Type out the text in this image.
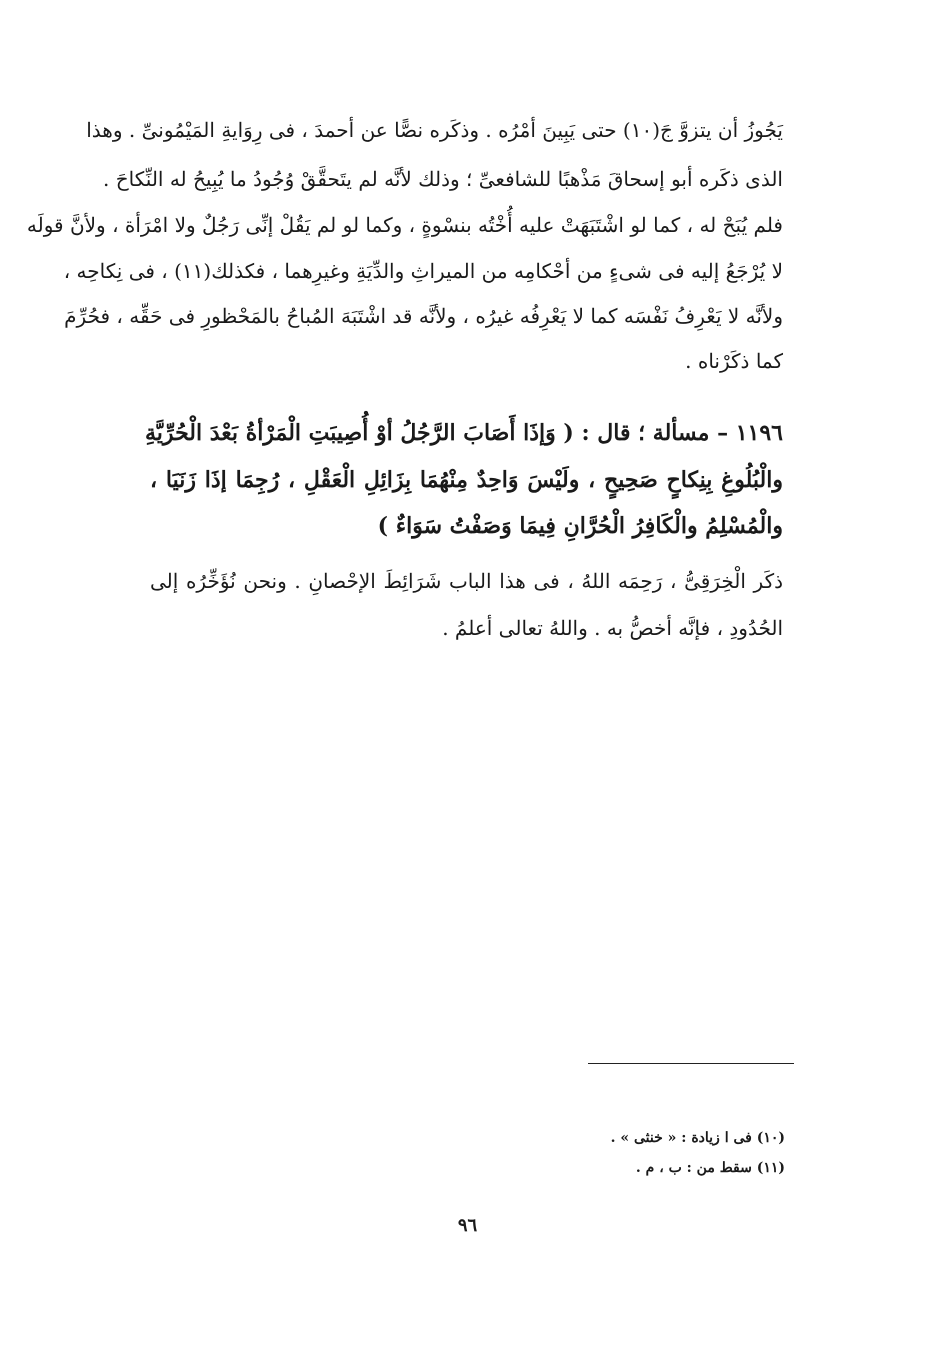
يَجُوزُ أن يتزوَّ جَ(١٠) حتى يَبِينَ أمْرُه . وذكَره نصًّا عن أحمدَ ، فى رِوَايةِ المَيْمُونىِّ . وهذا
الذى ذكَره أبو إسحاقَ مَذْهبًا للشافعىِّ ؛ وذلك لأنَّه لم يتَحقَّقْ وُجُودُ ما يُبِيحُ له النِّكاحَ .
فلم يُبَحْ له ، كما لو اشْتَبَهَتْ عليه أُخْتُه بنسْوةٍ ، وكما لو لم يَقُلْ إنِّى رَجُلٌ ولا امْرَأة ، ولأنَّ قولَه
لا يُرْجَعُ إليه فى شىءٍ من أحْكامِه من الميراثِ والدِّيَةِ وغيرِهما ، فكذلك(١١) ، فى نِكاحِه ،
ولأنَّه لا يَعْرِفُ نَفْسَه كما لا يَعْرِفُه غيرُه ، ولأنَّه قد اشْتَبَهَ المُباحُ بالمَحْظورِ فى حَقِّه ، فحُرِّمَ
كما ذكَرْناه .
١١٩٦ – مسألة ؛ قال : ( وَإذَا أَصَابَ الرَّجُلُ أوْ أُصِيبَتِ الْمَرْأةُ بَعْدَ الْحُرِّيَّةِ
والْبُلُوغِ بِنِكاحٍ صَحِيحٍ ، ولَيْسَ وَاحِدٌ مِنْهُمَا بِزَائِلِ الْعَقْلِ ، رُجِمَا إذَا زَنَيَا ،
والْمُسْلِمُ والْكَافِرُ الْحُرَّانِ فِيمَا وَصَفْتُ سَوَاءٌ )
ذكَر الْخِرَقِىُّ ، رَحِمَه اللهُ ، فى هذا الباب شَرَائِطَ الإحْصانِ . ونحن نُؤَخِّرُه إلى
الحُدُودِ ، فإنَّه أخصُّ به . واللهُ تعالى أعلمُ .
(١٠) فى ا زيادة : « خنثى » .
(١١) سقط من : ب ، م .
٩٦
